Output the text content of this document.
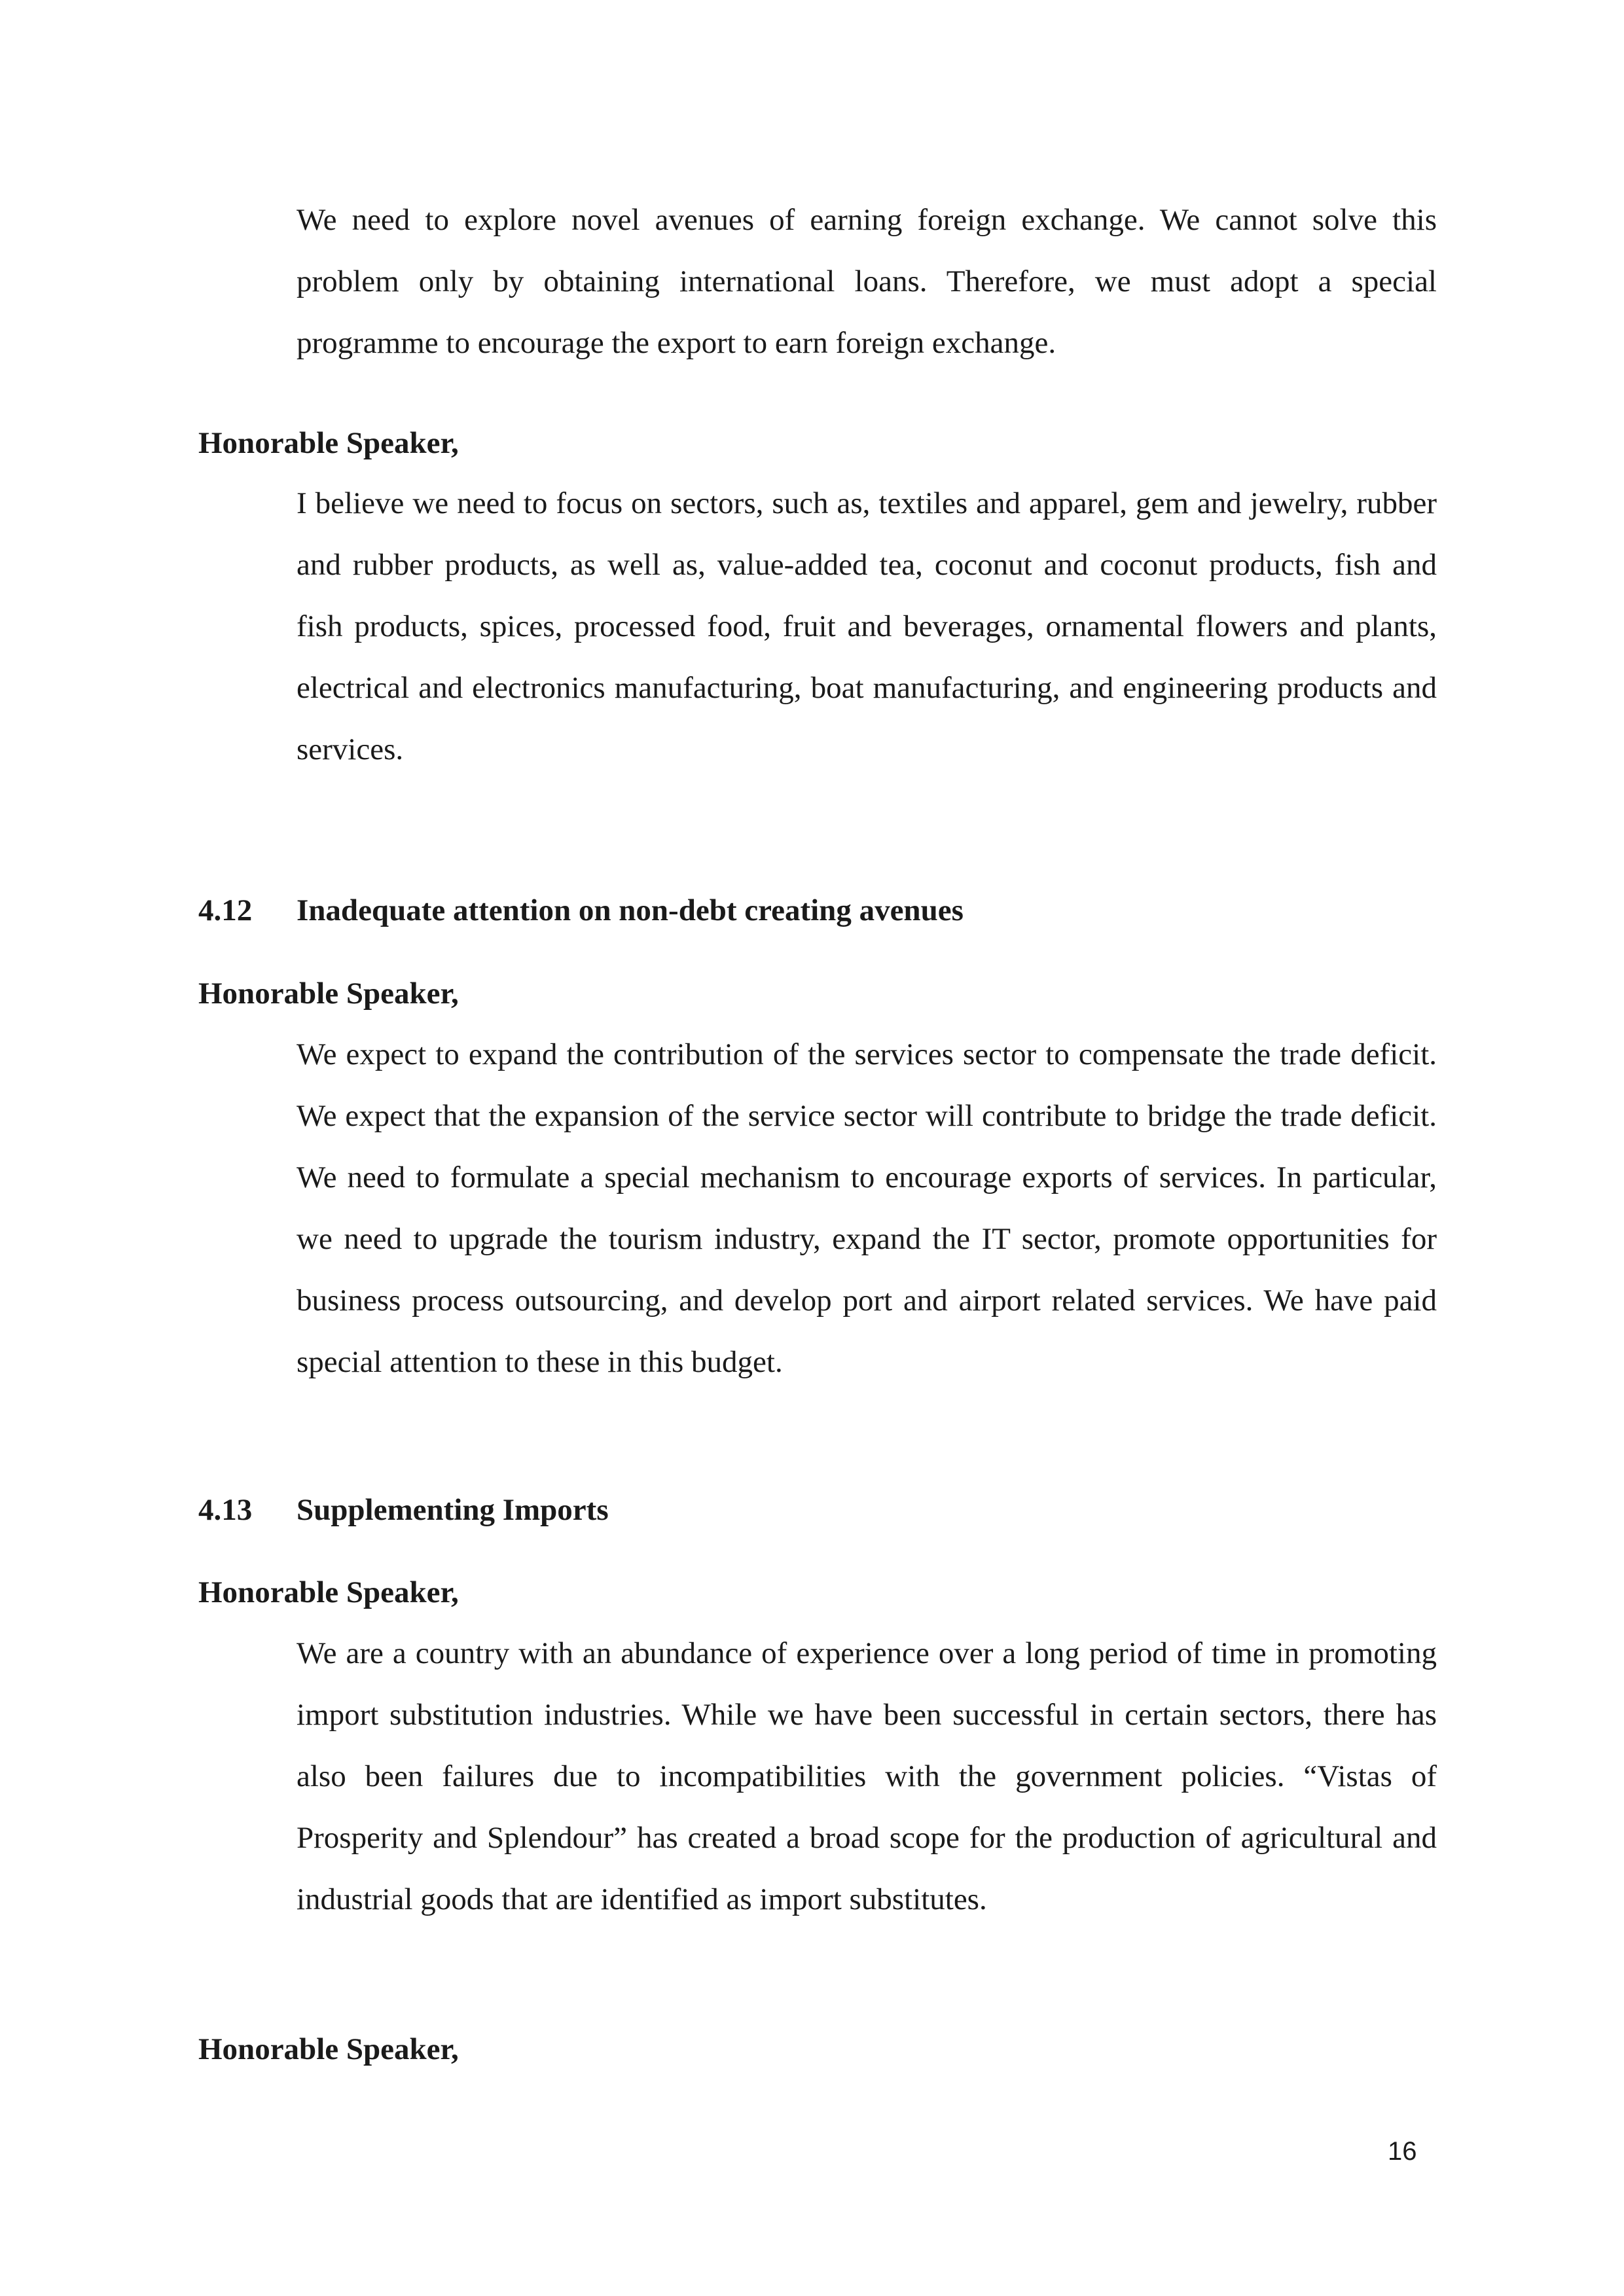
We need to explore novel avenues of earning foreign exchange. We cannot solve this problem only by obtaining international loans. Therefore, we must adopt a special programme to encourage the export to earn foreign exchange.

Honorable Speaker,

I believe we need to focus on sectors, such as, textiles and apparel, gem and jewelry, rubber and rubber products, as well as, value-added tea, coconut and coconut products, fish and fish products, spices, processed food, fruit and beverages, ornamental flowers and plants, electrical and electronics manufacturing, boat manufacturing, and engineering products and services.

4.12 Inadequate attention on non-debt creating avenues
Honorable Speaker,

We expect to expand the contribution of the services sector to compensate the trade deficit. We expect that the expansion of the service sector will contribute to bridge the trade deficit. We need to formulate a special mechanism to encourage exports of services. In particular, we need to upgrade the tourism industry, expand the IT sector, promote opportunities for business process outsourcing, and develop port and airport related services. We have paid special attention to these in this budget.

4.13 Supplementing Imports
Honorable Speaker,

We are a country with an abundance of experience over a long period of time in promoting import substitution industries. While we have been successful in certain sectors, there has also been failures due to incompatibilities with the government policies. “Vistas of Prosperity and Splendour” has created a broad scope for the production of agricultural and industrial goods that are identified as import substitutes.

Honorable Speaker,
16
